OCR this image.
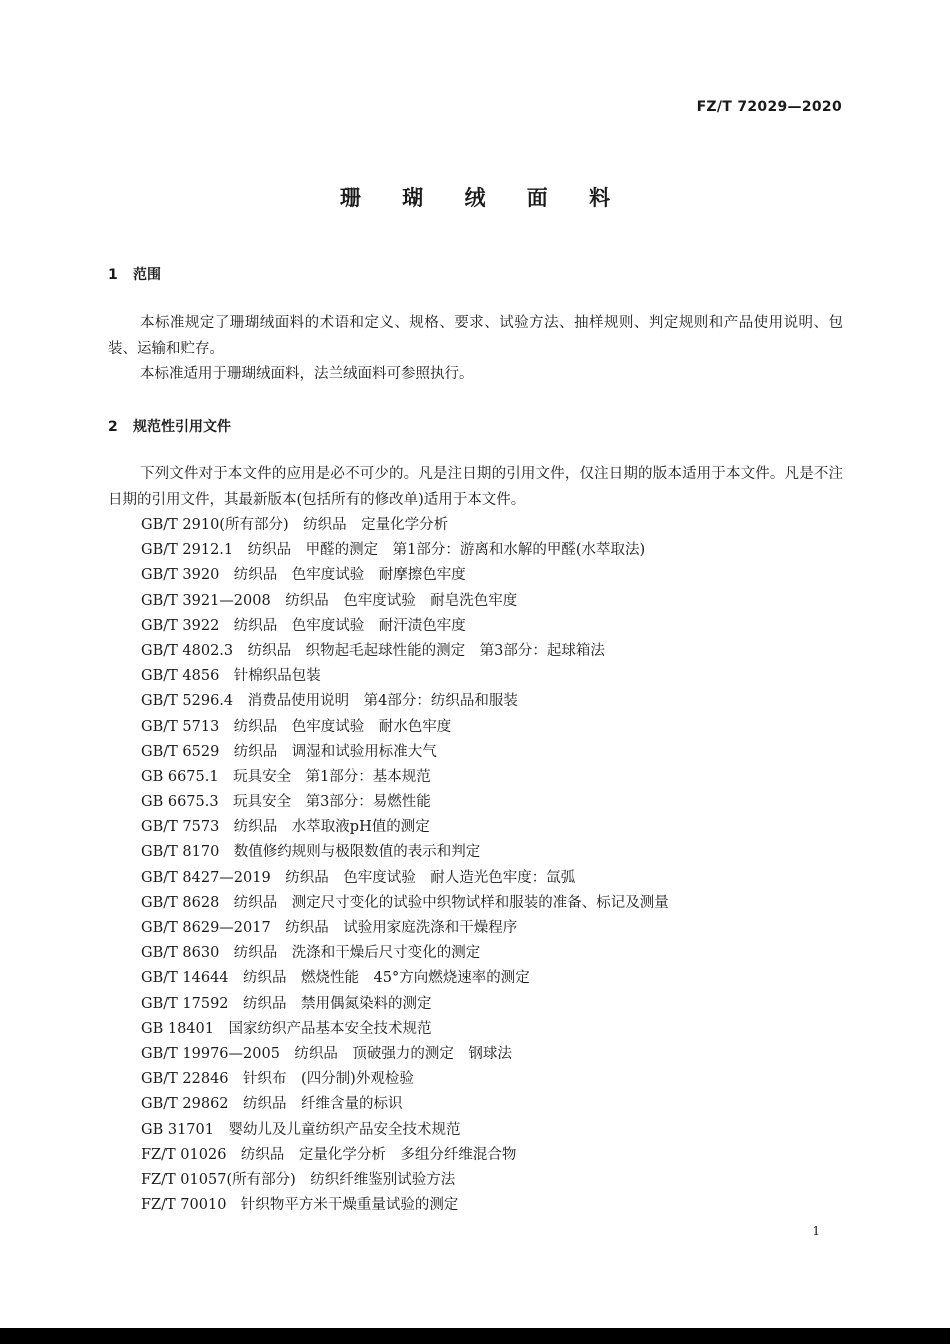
FZ/T 72029—2020
珊 瑚 绒 面 料
1 范围

本标准规定了珊瑚绒面料的术语和定义、规格、要求、试验方法、抽样规则、判定规则和产品使用说明、包装、运输和贮存。

本标准适用于珊瑚绒面料，法兰绒面料可参照执行。

2 规范性引用文件

下列文件对于本文件的应用是必不可少的。凡是注日期的引用文件，仅注日期的版本适用于本文件。凡是不注日期的引用文件，其最新版本(包括所有的修改单)适用于本文件。

GB/T 2910(所有部分)　纺织品　定量化学分析
GB/T 2912.1　纺织品　甲醛的测定　第1部分：游离和水解的甲醛(水萃取法)
GB/T 3920　纺织品　色牢度试验　耐摩擦色牢度
GB/T 3921—2008　纺织品　色牢度试验　耐皂洗色牢度
GB/T 3922　纺织品　色牢度试验　耐汗渍色牢度
GB/T 4802.3　纺织品　织物起毛起球性能的测定　第3部分：起球箱法
GB/T 4856　针棉织品包装
GB/T 5296.4　消费品使用说明　第4部分：纺织品和服装
GB/T 5713　纺织品　色牢度试验　耐水色牢度
GB/T 6529　纺织品　调湿和试验用标准大气
GB 6675.1　玩具安全　第1部分：基本规范
GB 6675.3　玩具安全　第3部分：易燃性能
GB/T 7573　纺织品　水萃取液pH值的测定
GB/T 8170　数值修约规则与极限数值的表示和判定
GB/T 8427—2019　纺织品　色牢度试验　耐人造光色牢度：氙弧
GB/T 8628　纺织品　测定尺寸变化的试验中织物试样和服装的准备、标记及测量
GB/T 8629—2017　纺织品　试验用家庭洗涤和干燥程序
GB/T 8630　纺织品　洗涤和干燥后尺寸变化的测定
GB/T 14644　纺织品　燃烧性能　45°方向燃烧速率的测定
GB/T 17592　纺织品　禁用偶氮染料的测定
GB 18401　国家纺织产品基本安全技术规范
GB/T 19976—2005　纺织品　顶破强力的测定　钢球法
GB/T 22846　针织布　(四分制)外观检验
GB/T 29862　纺织品　纤维含量的标识
GB 31701　婴幼儿及儿童纺织产品安全技术规范
FZ/T 01026　纺织品　定量化学分析　多组分纤维混合物
FZ/T 01057(所有部分)　纺织纤维鉴别试验方法
FZ/T 70010　针织物平方米干燥重量试验的测定
1
